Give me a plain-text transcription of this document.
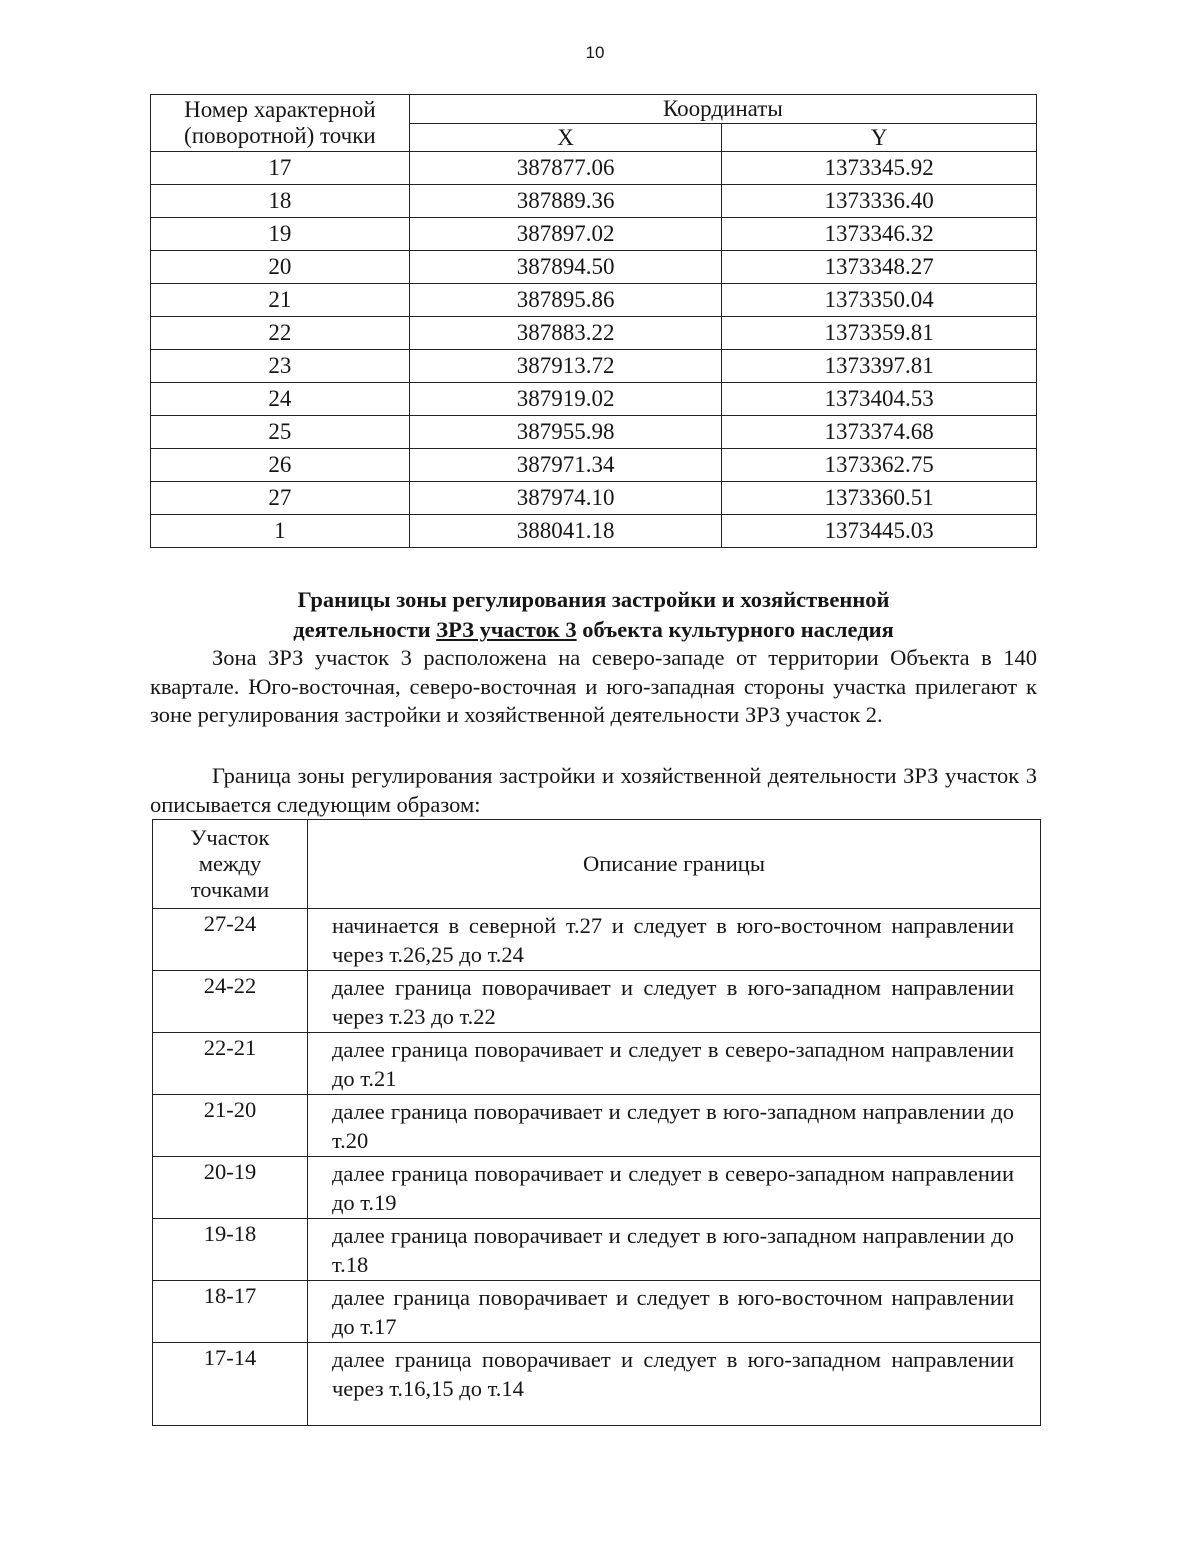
10
Номер характерной (поворотной) точки	Координаты	
	X	Y
17	387877.06	1373345.92
18	387889.36	1373336.40
19	387897.02	1373346.32
20	387894.50	1373348.27
21	387895.86	1373350.04
22	387883.22	1373359.81
23	387913.72	1373397.81
24	387919.02	1373404.53
25	387955.98	1373374.68
26	387971.34	1373362.75
27	387974.10	1373360.51
1	388041.18	1373445.03
Границы зоны регулирования застройки и хозяйственной
деятельности ЗРЗ участок 3 объекта культурного наследия
Зона ЗРЗ участок 3 расположена на северо-западе от территории Объекта в 140 квартале. Юго-восточная, северо-восточная и юго-западная стороны участка прилегают к зоне регулирования застройки и хозяйственной деятельности ЗРЗ участок 2.
Граница зоны регулирования застройки и хозяйственной деятельности ЗРЗ участок 3 описывается следующим образом:
Участок между точками	Описание границы
27-24	начинается в северной т.27 и следует в юго-восточном направлении через т.26,25 до т.24
24-22	далее граница поворачивает и следует в юго-западном направлении через т.23 до т.22
22-21	далее граница поворачивает и следует в северо-западном направлении до т.21
21-20	далее граница поворачивает и следует в юго-западном направлении до т.20
20-19	далее граница поворачивает и следует в северо-западном направлении до т.19
19-18	далее граница поворачивает и следует в юго-западном направлении до т.18
18-17	далее граница поворачивает и следует в юго-восточном направлении до т.17
17-14	далее граница поворачивает и следует в юго-западном направлении через т.16,15 до т.14
